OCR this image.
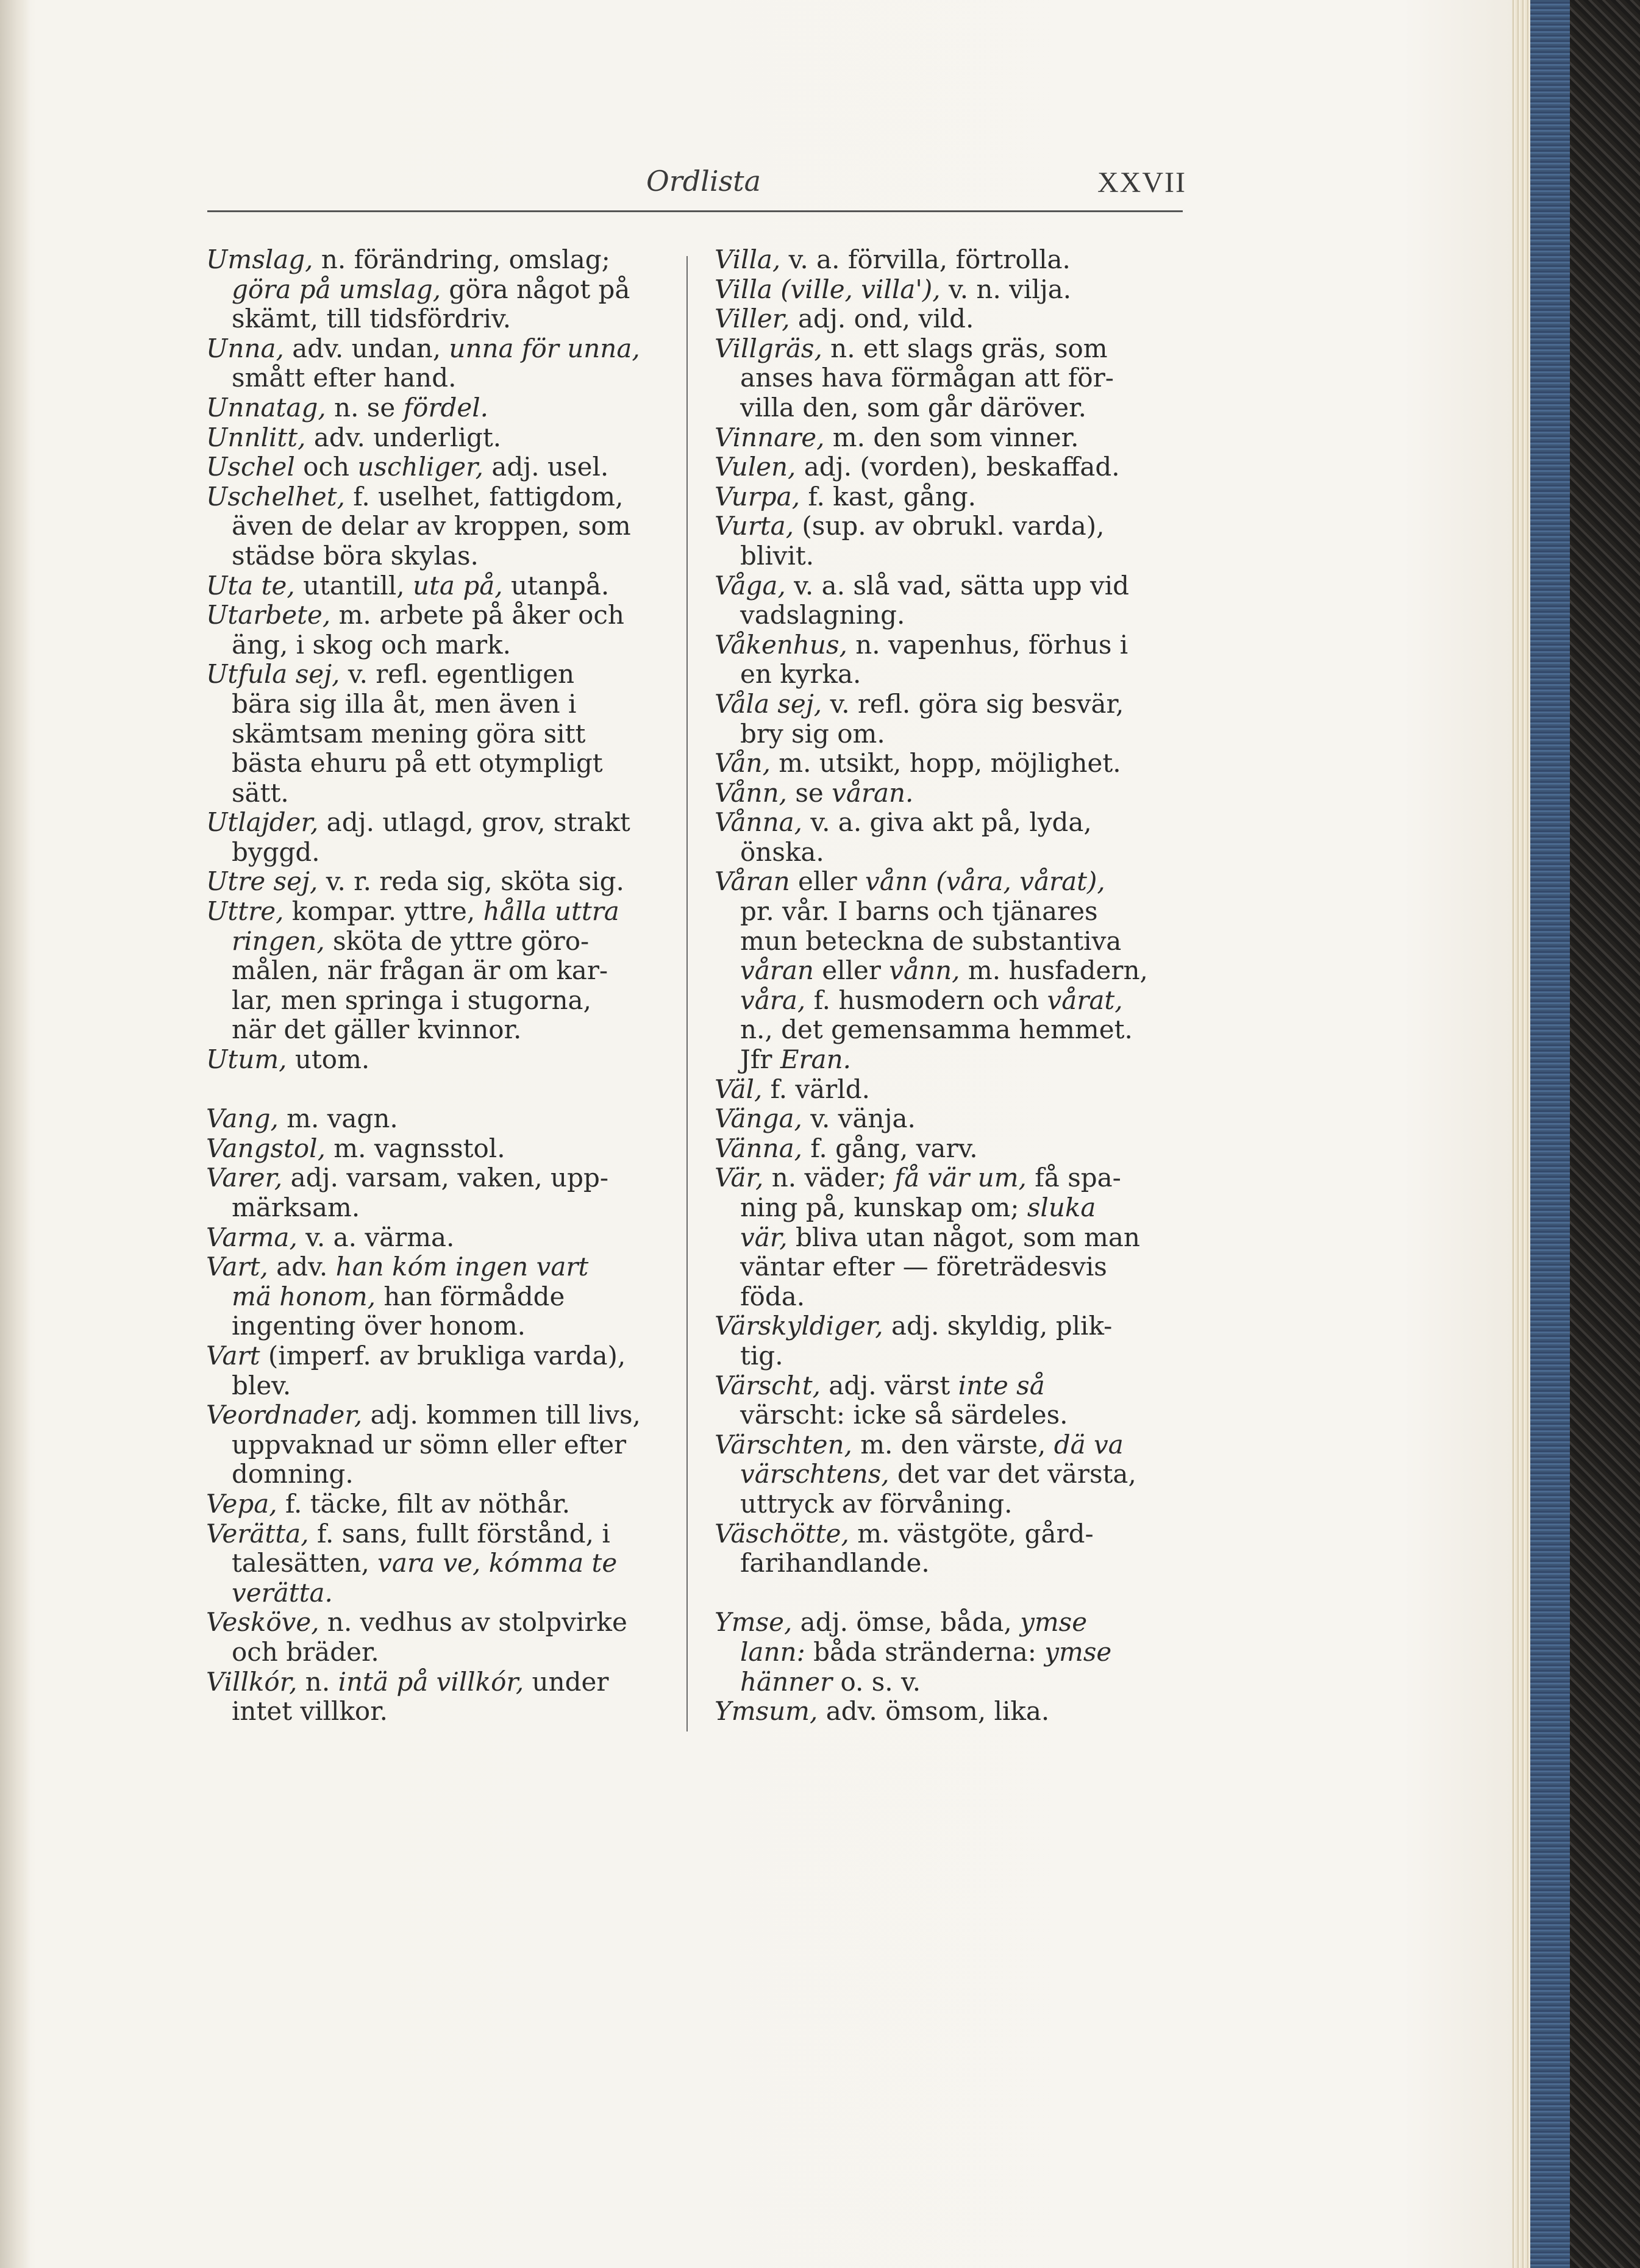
Ordlista	XXVII
Umslag, n. förändring, omslag;
göra på umslag, göra något på
skämt, till tidsfördriv.
Unna, adv. undan, unna för unna,
smått efter hand.
Unnatag, n. se fördel.
Unnlitt, adv. underligt.
Uschel och uschliger, adj. usel.
Uschelhet, f. uselhet, fattigdom,
även de delar av kroppen, som
städse böra skylas.
Uta te, utantill, uta på, utanpå.
Utarbete, m. arbete på åker och
äng, i skog och mark.
Utfula sej, v. refl. egentligen
bära sig illa åt, men även i
skämtsam mening göra sitt
bästa ehuru på ett otympligt
sätt.
Utlajder, adj. utlagd, grov, strakt
byggd.
Utre sej, v. r. reda sig, sköta sig.
Uttre, kompar. yttre, hålla uttra
ringen, sköta de yttre göro-
målen, när frågan är om kar-
lar, men springa i stugorna,
när det gäller kvinnor.
Utum, utom.
Vang, m. vagn.
Vangstol, m. vagnsstol.
Varer, adj. varsam, vaken, upp-
märksam.
Varma, v. a. värma.
Vart, adv. han kóm ingen vart
mä honom, han förmådde
ingenting över honom.
Vart (imperf. av brukliga varda),
blev.
Veordnader, adj. kommen till livs,
uppvaknad ur sömn eller efter
domning.
Vepa, f. täcke, filt av nöthår.
Verätta, f. sans, fullt förstånd, i
talesätten, vara ve, kómma te
verätta.
Vesköve, n. vedhus av stolpvirke
och bräder.
Villkór, n. intä på villkór, under
intet villkor.
Villa, v. a. förvilla, förtrolla.
Villa (ville, villa'), v. n. vilja.
Viller, adj. ond, vild.
Villgräs, n. ett slags gräs, som
anses hava förmågan att för-
villa den, som går däröver.
Vinnare, m. den som vinner.
Vulen, adj. (vorden), beskaffad.
Vurpa, f. kast, gång.
Vurta, (sup. av obrukl. varda),
blivit.
Våga, v. a. slå vad, sätta upp vid
vadslagning.
Våkenhus, n. vapenhus, förhus i
en kyrka.
Våla sej, v. refl. göra sig besvär,
bry sig om.
Vån, m. utsikt, hopp, möjlighet.
Vånn, se våran.
Vånna, v. a. giva akt på, lyda,
önska.
Våran eller vånn (våra, vårat),
pr. vår. I barns och tjänares
mun beteckna de substantiva
våran eller vånn, m. husfadern,
våra, f. husmodern och vårat,
n., det gemensamma hemmet.
Jfr Eran.
Väl, f. värld.
Vänga, v. vänja.
Vänna, f. gång, varv.
Vär, n. väder; få vär um, få spa-
ning på, kunskap om; sluka
vär, bliva utan något, som man
väntar efter — företrädesvis
föda.
Värskyldiger, adj. skyldig, plik-
tig.
Värscht, adj. värst inte så
värscht: icke så särdeles.
Värschten, m. den värste, dä va
värschtens, det var det värsta,
uttryck av förvåning.
Väschötte, m. västgöte, gård-
farihandlande.
Ymse, adj. ömse, båda, ymse
lann: båda stränderna: ymse
hänner o. s. v.
Ymsum, adv. ömsom, lika.
